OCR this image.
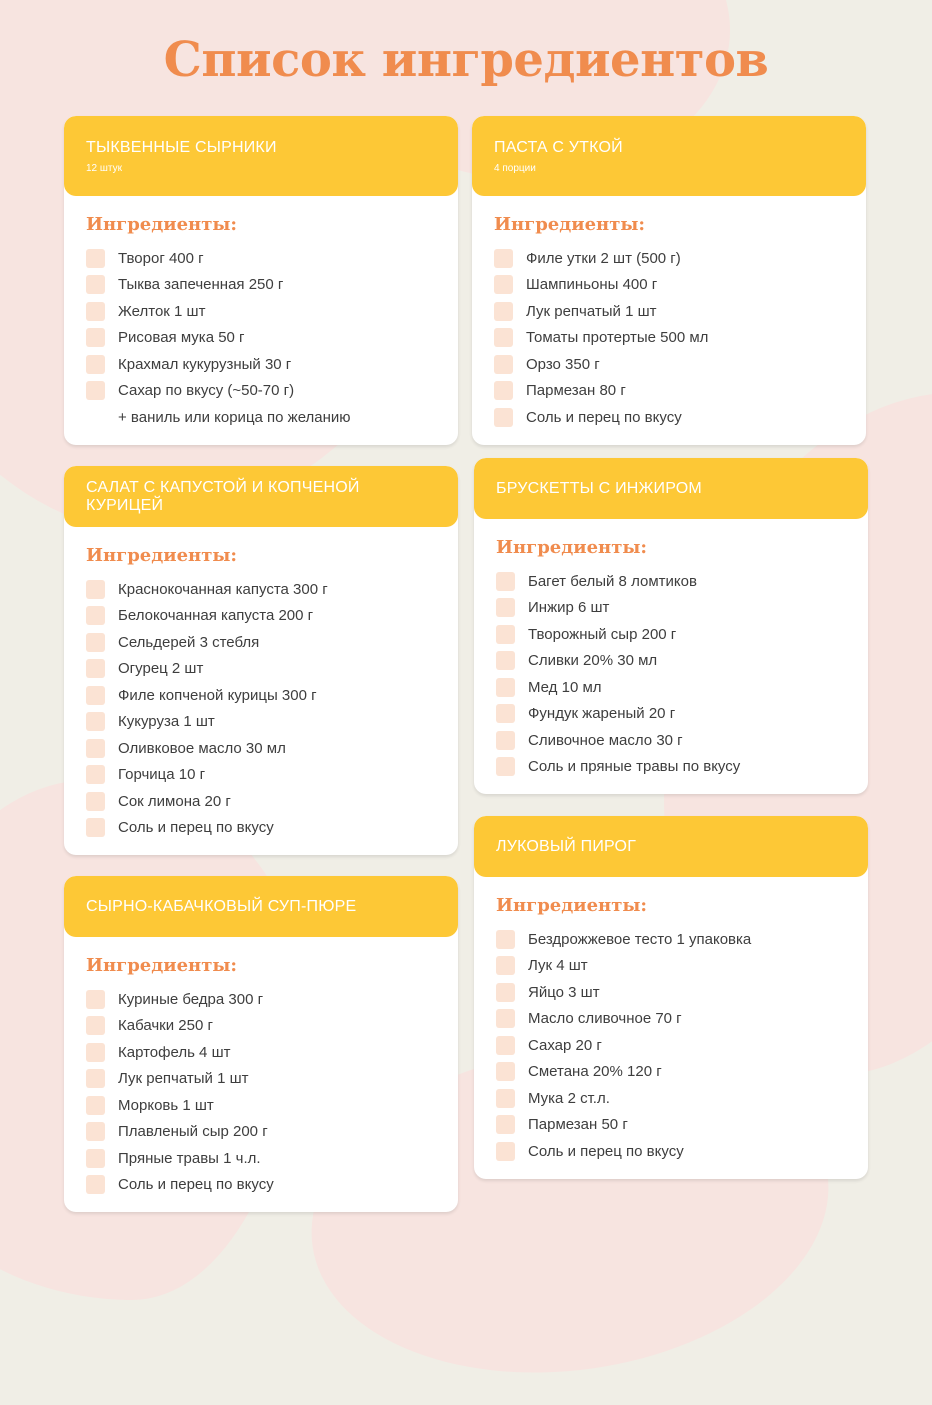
Список ингредиентов
ТЫКВЕННЫЕ СЫРНИКИ
12 штук
Ингредиенты:
Творог 400 г
Тыква запеченная 250 г
Желток 1 шт
Рисовая мука 50 г
Крахмал кукурузный 30 г
Сахар по вкусу (~50-70 г)
+ ваниль или корица по желанию
ПАСТА С УТКОЙ
4 порции
Ингредиенты:
Филе утки 2 шт (500 г)
Шампиньоны 400 г
Лук репчатый 1 шт
Томаты протертые 500 мл
Орзо 350 г
Пармезан 80 г
Соль и перец по вкусу
САЛАТ С КАПУСТОЙ И КОПЧЕНОЙ КУРИЦЕЙ
Ингредиенты:
Краснокочанная капуста 300 г
Белокочанная капуста 200 г
Сельдерей 3 стебля
Огурец 2 шт
Филе копченой курицы 300 г
Кукуруза 1 шт
Оливковое масло 30 мл
Горчица 10 г
Сок лимона 20 г
Соль и перец по вкусу
БРУСКЕТТЫ С ИНЖИРОМ
Ингредиенты:
Багет белый 8 ломтиков
Инжир 6 шт
Творожный сыр 200 г
Сливки 20% 30 мл
Мед 10 мл
Фундук жареный 20 г
Сливочное масло 30 г
Соль и пряные травы по вкусу
СЫРНО-КАБАЧКОВЫЙ СУП-ПЮРЕ
Ингредиенты:
Куриные бедра 300 г
Кабачки 250 г
Картофель 4 шт
Лук репчатый 1 шт
Морковь 1 шт
Плавленый сыр 200 г
Пряные травы 1 ч.л.
Соль и перец по вкусу
ЛУКОВЫЙ ПИРОГ
Ингредиенты:
Бездрожжевое тесто 1 упаковка
Лук 4 шт
Яйцо 3 шт
Масло сливочное 70 г
Сахар 20 г
Сметана 20% 120 г
Мука 2 ст.л.
Пармезан 50 г
Соль и перец по вкусу
